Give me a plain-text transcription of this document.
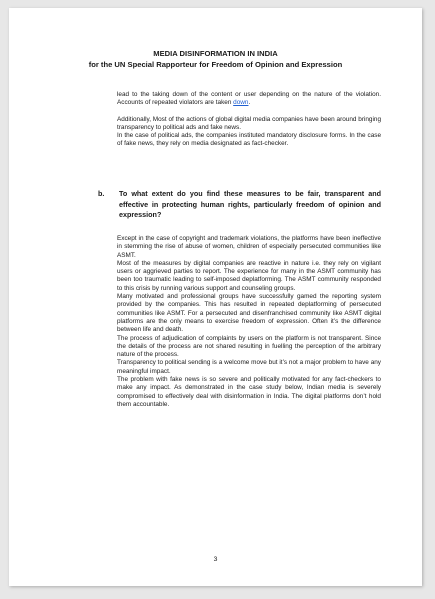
MEDIA DISINFORMATION IN INDIA
for the UN Special Rapporteur for Freedom of Opinion and Expression

lead to the taking down of the content or user depending on the nature of the violation. Accounts of repeated violators are taken down.

Additionally, Most of the actions of global digital media companies have been around bringing transparency to political ads and fake news.

In the case of political ads, the companies instituted mandatory disclosure forms. In the case of fake news, they rely on media designated as fact-checker.

b. To what extent do you find these measures to be fair, transparent and effective in protecting human rights, particularly freedom of opinion and expression?

Except in the case of copyright and trademark violations, the platforms have been ineffective in stemming the rise of abuse of women, children of especially persecuted communities like ASMT.

Most of the measures by digital companies are reactive in nature i.e. they rely on vigilant users or aggrieved parties to report. The experience for many in the ASMT community has been too traumatic leading to self-imposed deplatforming. The ASMT community responded to this crisis by running various support and counseling groups.

Many motivated and professional groups have successfully gamed the reporting system provided by the companies. This has resulted in repeated deplatforming of persecuted communities like ASMT. For a persecuted and disenfranchised community like ASMT digital platforms are the only means to exercise freedom of expression. Often it’s the difference between life and death.

The process of adjudication of complaints by users on the platform is not transparent. Since the details of the process are not shared resulting in fuelling the perception of the arbitrary nature of the process.

Transparency to political sending is a welcome move but it’s not a major problem to have any meaningful impact.

The problem with fake news is so severe and politically motivated for any fact-checkers to make any impact. As demonstrated in the case study below, Indian media is severely compromised to effectively deal with disinformation in India. The digital platforms don’t hold them accountable.

3
